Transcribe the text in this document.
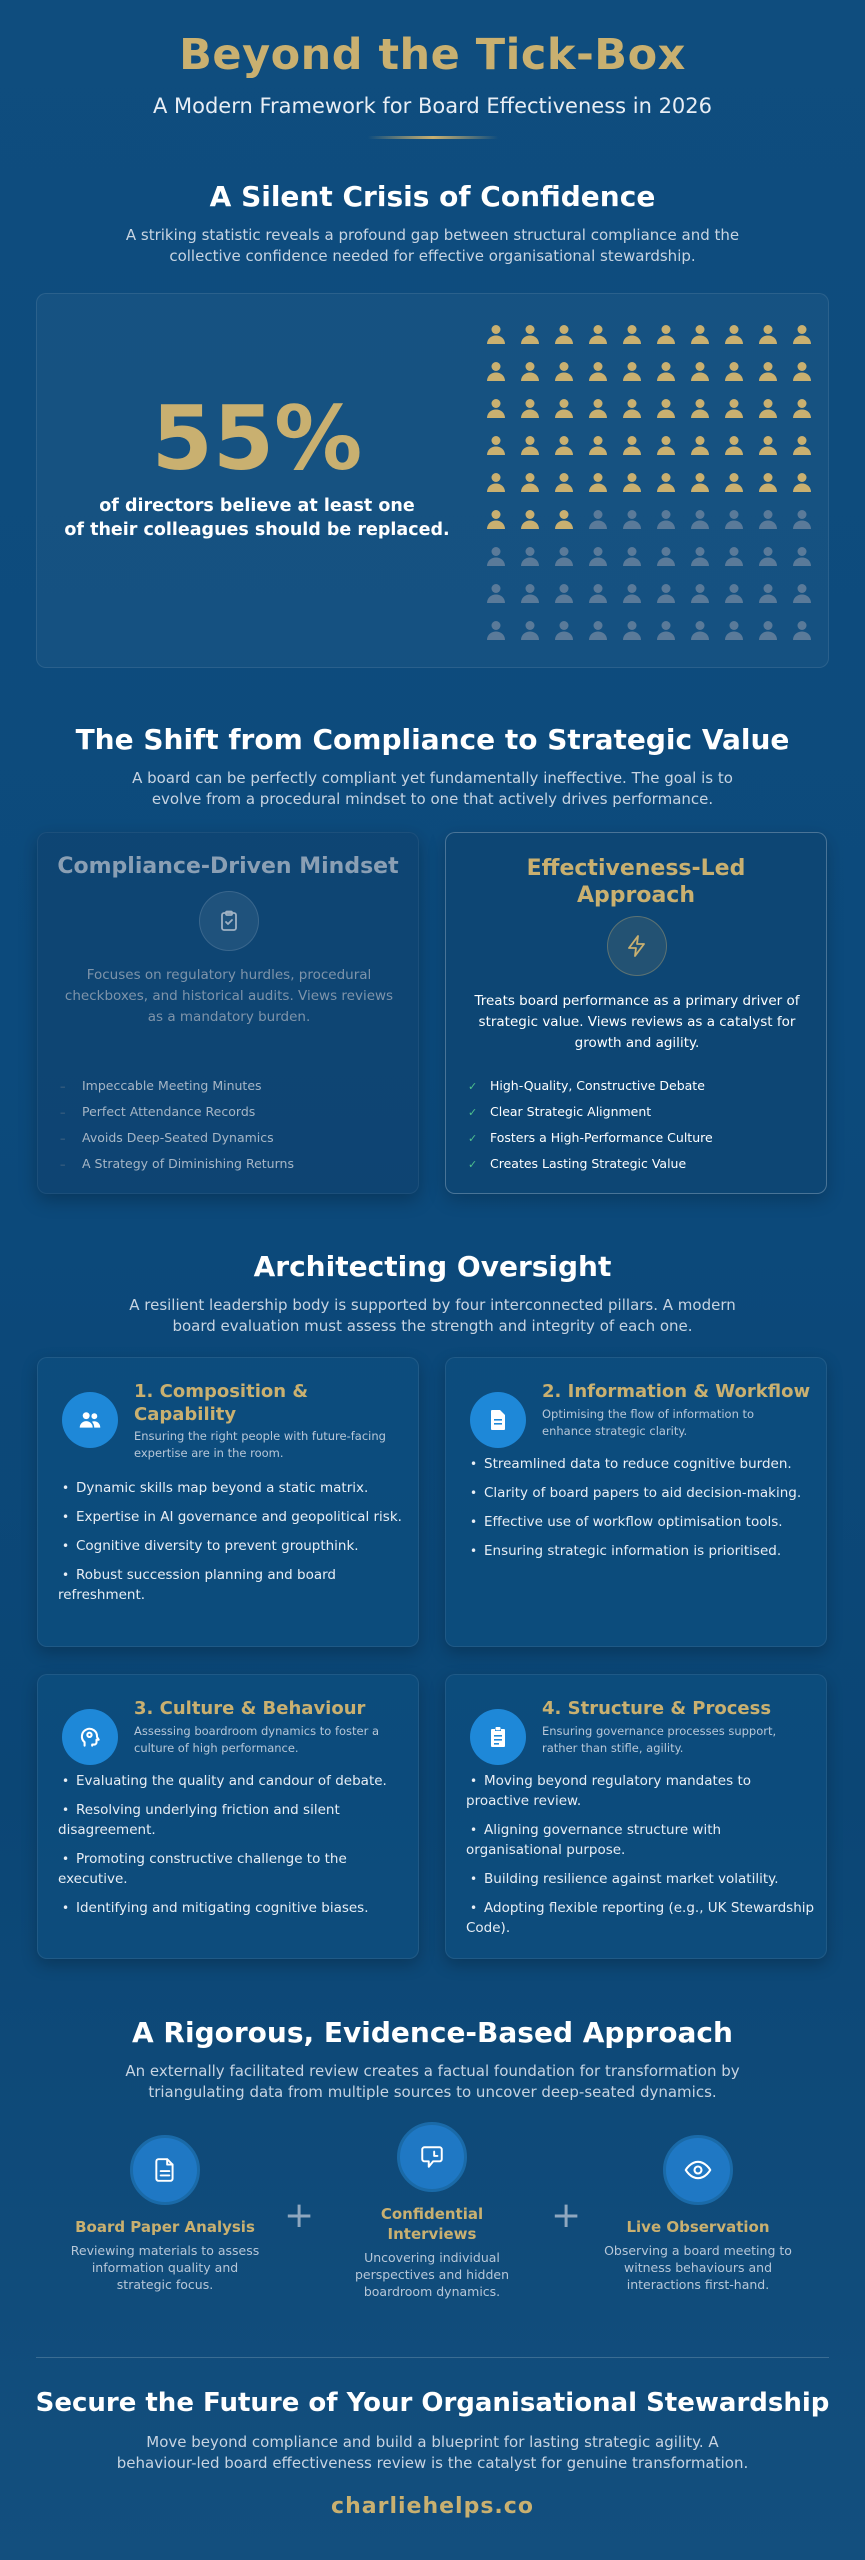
Beyond the Tick-Box
A Modern Framework for Board Effectiveness in 2026
A Silent Crisis of Confidence

A striking statistic reveals a profound gap between structural compliance and the collective confidence needed for effective organisational stewardship.

55%
of directors believe at least one
of their colleagues should be replaced.
The Shift from Compliance to Strategic Value

A board can be perfectly compliant yet fundamentally ineffective. The goal is to evolve from a procedural mindset to one that actively drives performance.

Compliance-Driven Mindset

Focuses on regulatory hurdles, procedural checkboxes, and historical audits. Views reviews as a mandatory burden.

– Impeccable Meeting Minutes
– Perfect Attendance Records
– Avoids Deep-Seated Dynamics
– A Strategy of Diminishing Returns
Effectiveness-Led
Approach

Treats board performance as a primary driver of strategic value. Views reviews as a catalyst for growth and agility.

✓ High-Quality, Constructive Debate
✓ Clear Strategic Alignment
✓ Fosters a High-Performance Culture
✓ Creates Lasting Strategic Value
Architecting Oversight

A resilient leadership body is supported by four interconnected pillars. A modern board evaluation must assess the strength and integrity of each one.

1. Composition & Capability

Ensuring the right people with future-facing expertise are in the room.

• Dynamic skills map beyond a static matrix.
• Expertise in AI governance and geopolitical risk.
• Cognitive diversity to prevent groupthink.
• Robust succession planning and board refreshment.
2. Information & Workflow

Optimising the flow of information to enhance strategic clarity.

• Streamlined data to reduce cognitive burden.
• Clarity of board papers to aid decision-making.
• Effective use of workflow optimisation tools.
• Ensuring strategic information is prioritised.
3. Culture & Behaviour

Assessing boardroom dynamics to foster a culture of high performance.

• Evaluating the quality and candour of debate.
• Resolving underlying friction and silent disagreement.
• Promoting constructive challenge to the executive.
• Identifying and mitigating cognitive biases.
4. Structure & Process

Ensuring governance processes support, rather than stifle, agility.

• Moving beyond regulatory mandates to proactive review.
• Aligning governance structure with organisational purpose.
• Building resilience against market volatility.
• Adopting flexible reporting (e.g., UK Stewardship Code).
A Rigorous, Evidence-Based Approach

An externally facilitated review creates a factual foundation for transformation by triangulating data from multiple sources to uncover deep-seated dynamics.

Board Paper Analysis
Reviewing materials to assess information quality and strategic focus.
+	Confidential Interviews
Uncovering individual perspectives and hidden boardroom dynamics.
+	Live Observation
Observing a board meeting to witness behaviours and interactions first-hand.
Secure the Future of Your Organisational Stewardship

Move beyond compliance and build a blueprint for lasting strategic agility. A behaviour-led board effectiveness review is the catalyst for genuine transformation.

charliehelps.co
